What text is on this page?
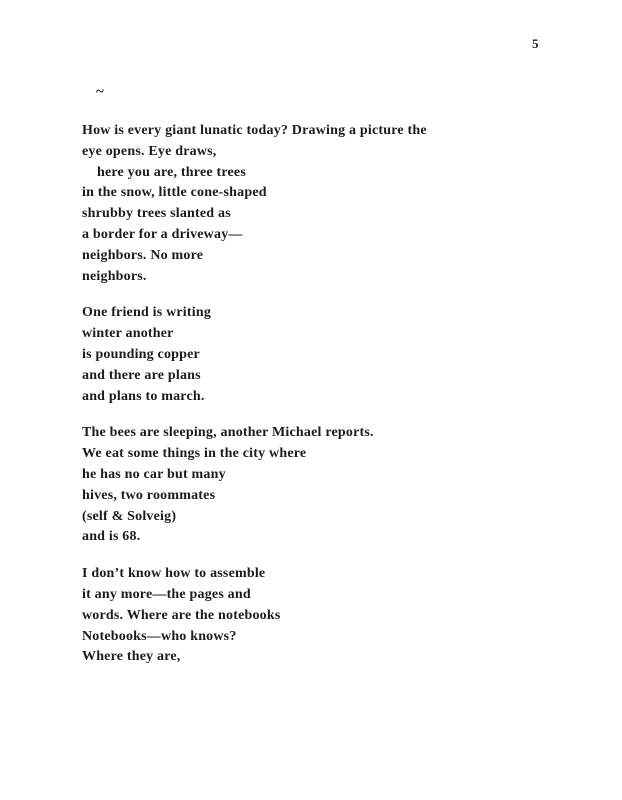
5
~
How is every giant lunatic today? Drawing a picture the
eye opens. Eye draws,
here you are, three trees
in the snow, little cone-shaped
shrubby trees slanted as
a border for a driveway—
neighbors. No more
neighbors.
One friend is writing
winter another
is pounding copper
and there are plans
and plans to march.
The bees are sleeping, another Michael reports.
We eat some things in the city where
he has no car but many
hives, two roommates
(self & Solveig)
and is 68.
I don’t know how to assemble
it any more—the pages and
words. Where are the notebooks
Notebooks—who knows?
Where they are,
